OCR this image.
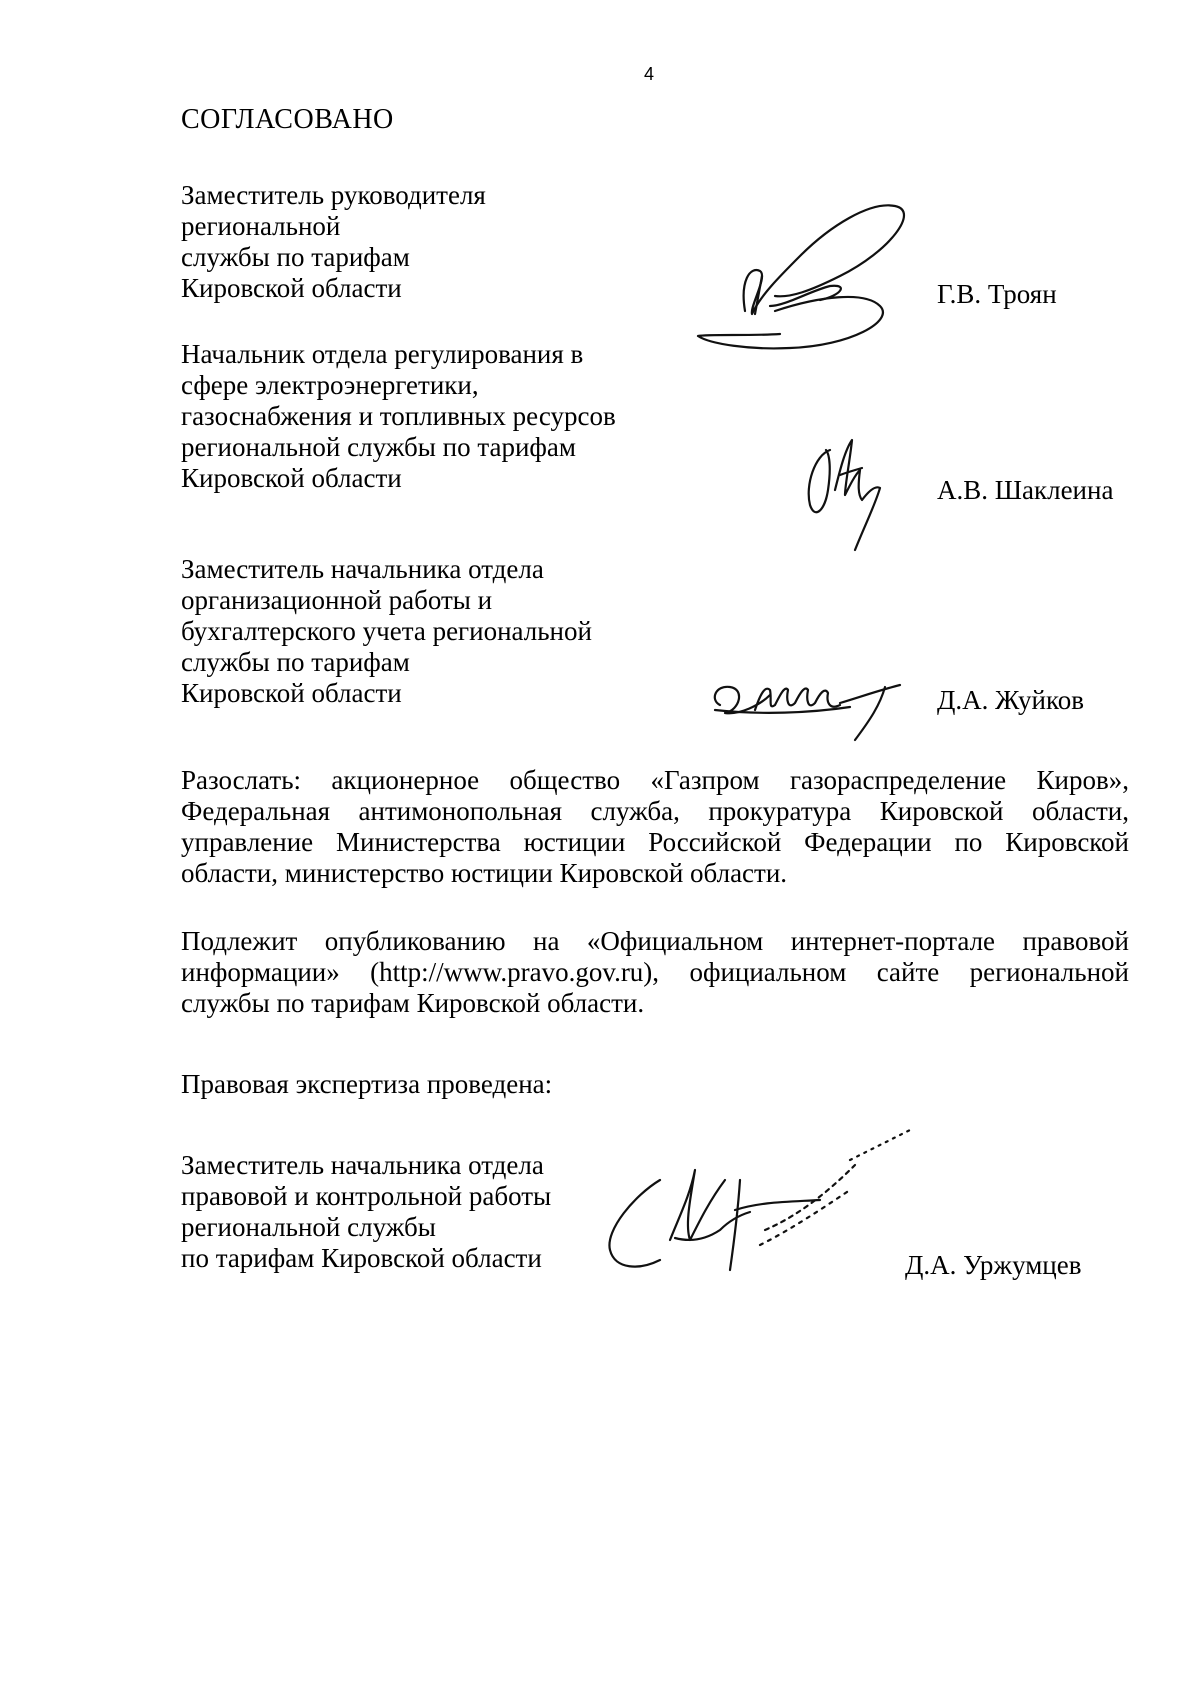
4
СОГЛАСОВАНО
Заместитель руководителя
региональной
службы по тарифам
Кировской области	Г.В. Троян
Начальник отдела регулирования в
сфере электроэнергетики,
газоснабжения и топливных ресурсов
региональной службы по тарифам
Кировской области	А.В. Шаклеина
Заместитель начальника отдела
организационной работы и
бухгалтерского учета региональной
службы по тарифам
Кировской области	Д.А. Жуйков
Разослать: акционерное общество «Газпром газораспределение Киров»,
Федеральная антимонопольная служба, прокуратура Кировской области,
управление Министерства юстиции Российской Федерации по Кировской
области, министерство юстиции Кировской области.
Подлежит опубликованию на «Официальном интернет-портале правовой
информации» (http://www.pravo.gov.ru), официальном сайте региональной
службы по тарифам Кировской области.
Правовая экспертиза проведена:
Заместитель начальника отдела
правовой и контрольной работы
региональной службы
по тарифам Кировской области	Д.А. Уржумцев
